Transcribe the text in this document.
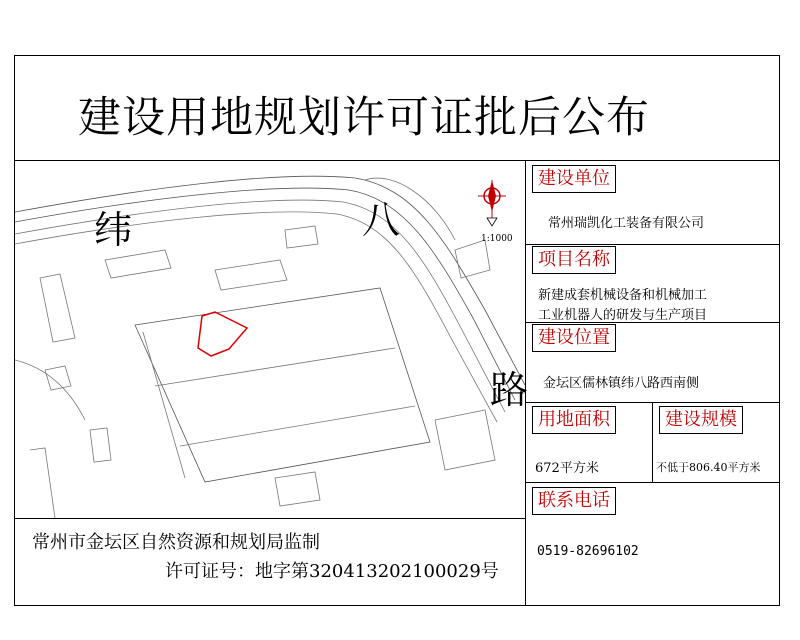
建设用地规划许可证批后公布
纬	八
路
1:1000
建设单位
常州瑞凯化工装备有限公司
项目名称
新建成套机械设备和机械加工
工业机器人的研发与生产项目
建设位置
金坛区儒林镇纬八路西南侧
用地面积
672平方米
建设规模
不低于806.40平方米
联系电话
0519-82696102
常州市金坛区自然资源和规划局监制
许可证号：地字第320413202100029号
